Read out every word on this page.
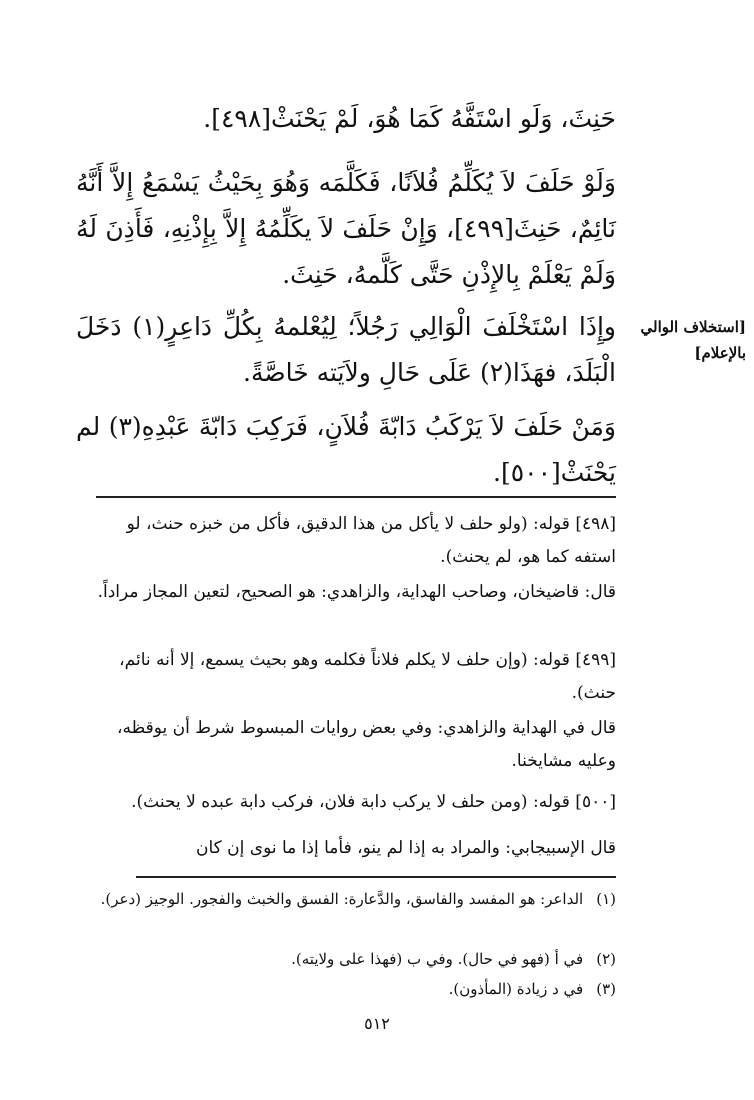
حَنِثَ، وَلَو اسْتَفَّهُ كَمَا هُوَ، لَمْ يَحْنَثْ[٤٩٨].
وَلَوْ حَلَفَ لاَ يُكَلِّمُ فُلاَنًا، فَكَلَّمَه وَهُوَ بِحَيْثُ يَسْمَعُ إِلاَّ أَنَّهُ نَائِمٌ، حَنِثَ[٤٩٩]، وَإِنْ حَلَفَ لاَ يكَلِّمُهُ إِلاَّ بِإِذْنِهِ، فَأَذِنَ لَهُ وَلَمْ يَعْلَمْ بِالإِذْنِ حَتَّى كَلَّمهُ، حَنِثَ.
وإِذَا اسْتَخْلَفَ الْوَالِي رَجُلاً؛ لِيُعْلمهُ بِكُلِّ دَاعِرٍ(١) دَخَلَ الْبَلَدَ، فهَذَا(٢) عَلَى حَالِ ولاَيَته خَاصَّةً.
وَمَنْ حَلَفَ لاَ يَرْكَبُ دَابّةَ فُلاَنٍ، فَرَكِبَ دَابّةَ عَبْدِهِ(٣) لم يَحْنَثْ[٥٠٠].
[استخلاف الوالي بالإعلام]
[٤٩٨] قوله: (ولو حلف لا يأكل من هذا الدقيق، فأكل من خبزه حنث، لو استفه كما هو، لم يحنث).
قال: قاضيخان، وصاحب الهداية، والزاهدي: هو الصحيح، لتعين المجاز مراداً.
[٤٩٩] قوله: (وإن حلف لا يكلم فلاناً فكلمه وهو بحيث يسمع، إلا أنه نائم، حنث).
قال في الهداية والزاهدي: وفي بعض روايات المبسوط شرط أن يوقظه، وعليه مشايخنا.
[٥٠٠] قوله: (ومن حلف لا يركب دابة فلان، فركب دابة عبده لا يحنث).
قال الإسبيجابي: والمراد به إذا لم ينو، فأما إذا ما نوى إن كان
(١) الداعر: هو المفسد والفاسق، والدَّعارة: الفسق والخبث والفجور. الوجيز (دعر).
(٢) في أ (فهو في حال). وفي ب (فهذا على ولايته).
(٣) في د زيادة (المأذون).
٥١٢
